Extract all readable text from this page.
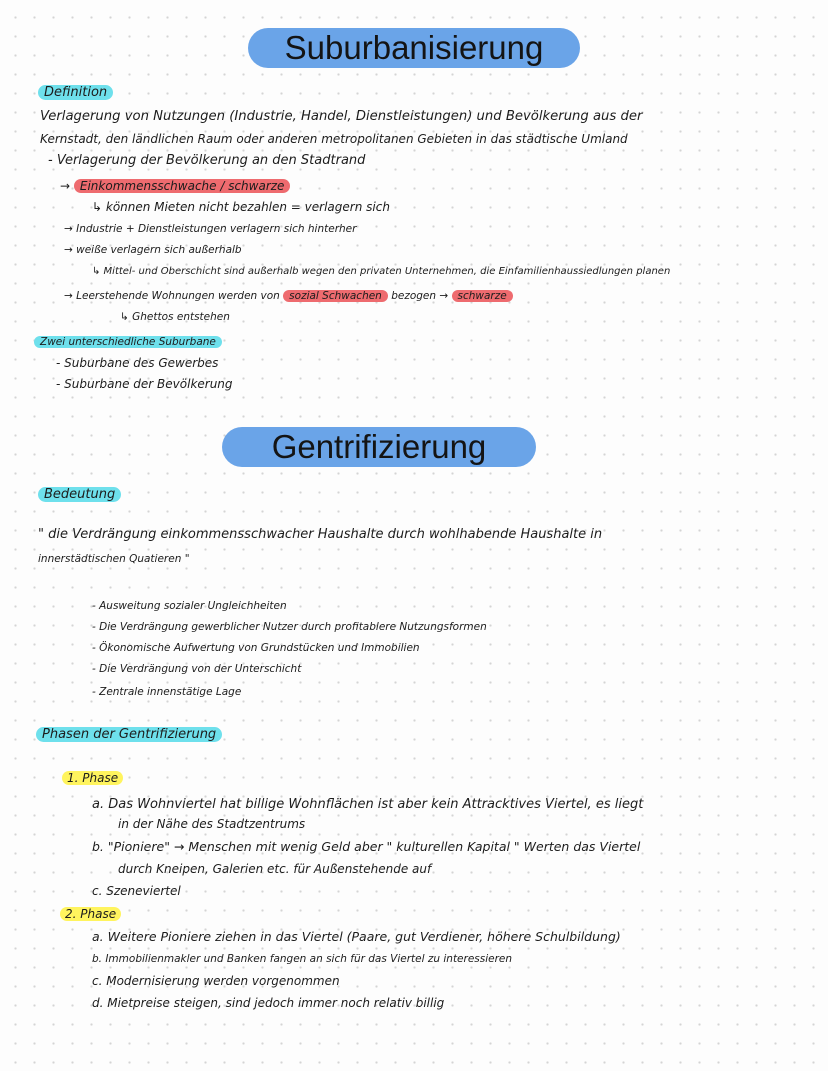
Suburbanisierung
Definition
Verlagerung von Nutzungen (Industrie, Handel, Dienstleistungen) und Bevölkerung aus der
Kernstadt, den ländlichen Raum oder anderen metropolitanen Gebieten in das städtische Umland
- Verlagerung der Bevölkerung an den Stadtrand
→ Einkommensschwache / schwarze
↳ können Mieten nicht bezahlen = verlagern sich
→ Industrie + Dienstleistungen verlagern sich hinterher
→ weiße verlagern sich außerhalb
↳ Mittel- und Oberschicht sind außerhalb wegen den privaten Unternehmen, die Einfamilienhaussiedlungen planen
→ Leerstehende Wohnungen werden von sozial Schwachen bezogen → schwarze
↳ Ghettos entstehen
Zwei unterschiedliche Suburbane
- Suburbane des Gewerbes
- Suburbane der Bevölkerung
Gentrifizierung
Bedeutung
" die Verdrängung einkommensschwacher Haushalte durch wohlhabende Haushalte in
innerstädtischen Quatieren "
- Ausweitung sozialer Ungleichheiten
- Die Verdrängung gewerblicher Nutzer durch profitablere Nutzungsformen
- Ökonomische Aufwertung von Grundstücken und Immobilien
- Die Verdrängung von der Unterschicht
- Zentrale innenstätige Lage
Phasen der Gentrifizierung
1. Phase
a. Das Wohnviertel hat billige Wohnflächen ist aber kein Attracktives Viertel, es liegt
in der Nähe des Stadtzentrums
b. "Pioniere" → Menschen mit wenig Geld aber " kulturellen Kapital " Werten das Viertel
durch Kneipen, Galerien etc. für Außenstehende auf
c. Szeneviertel
2. Phase
a. Weitere Pioniere ziehen in das Viertel (Paare, gut Verdiener, höhere Schulbildung)
b. Immobilienmakler und Banken fangen an sich für das Viertel zu interessieren
c. Modernisierung werden vorgenommen
d. Mietpreise steigen, sind jedoch immer noch relativ billig
